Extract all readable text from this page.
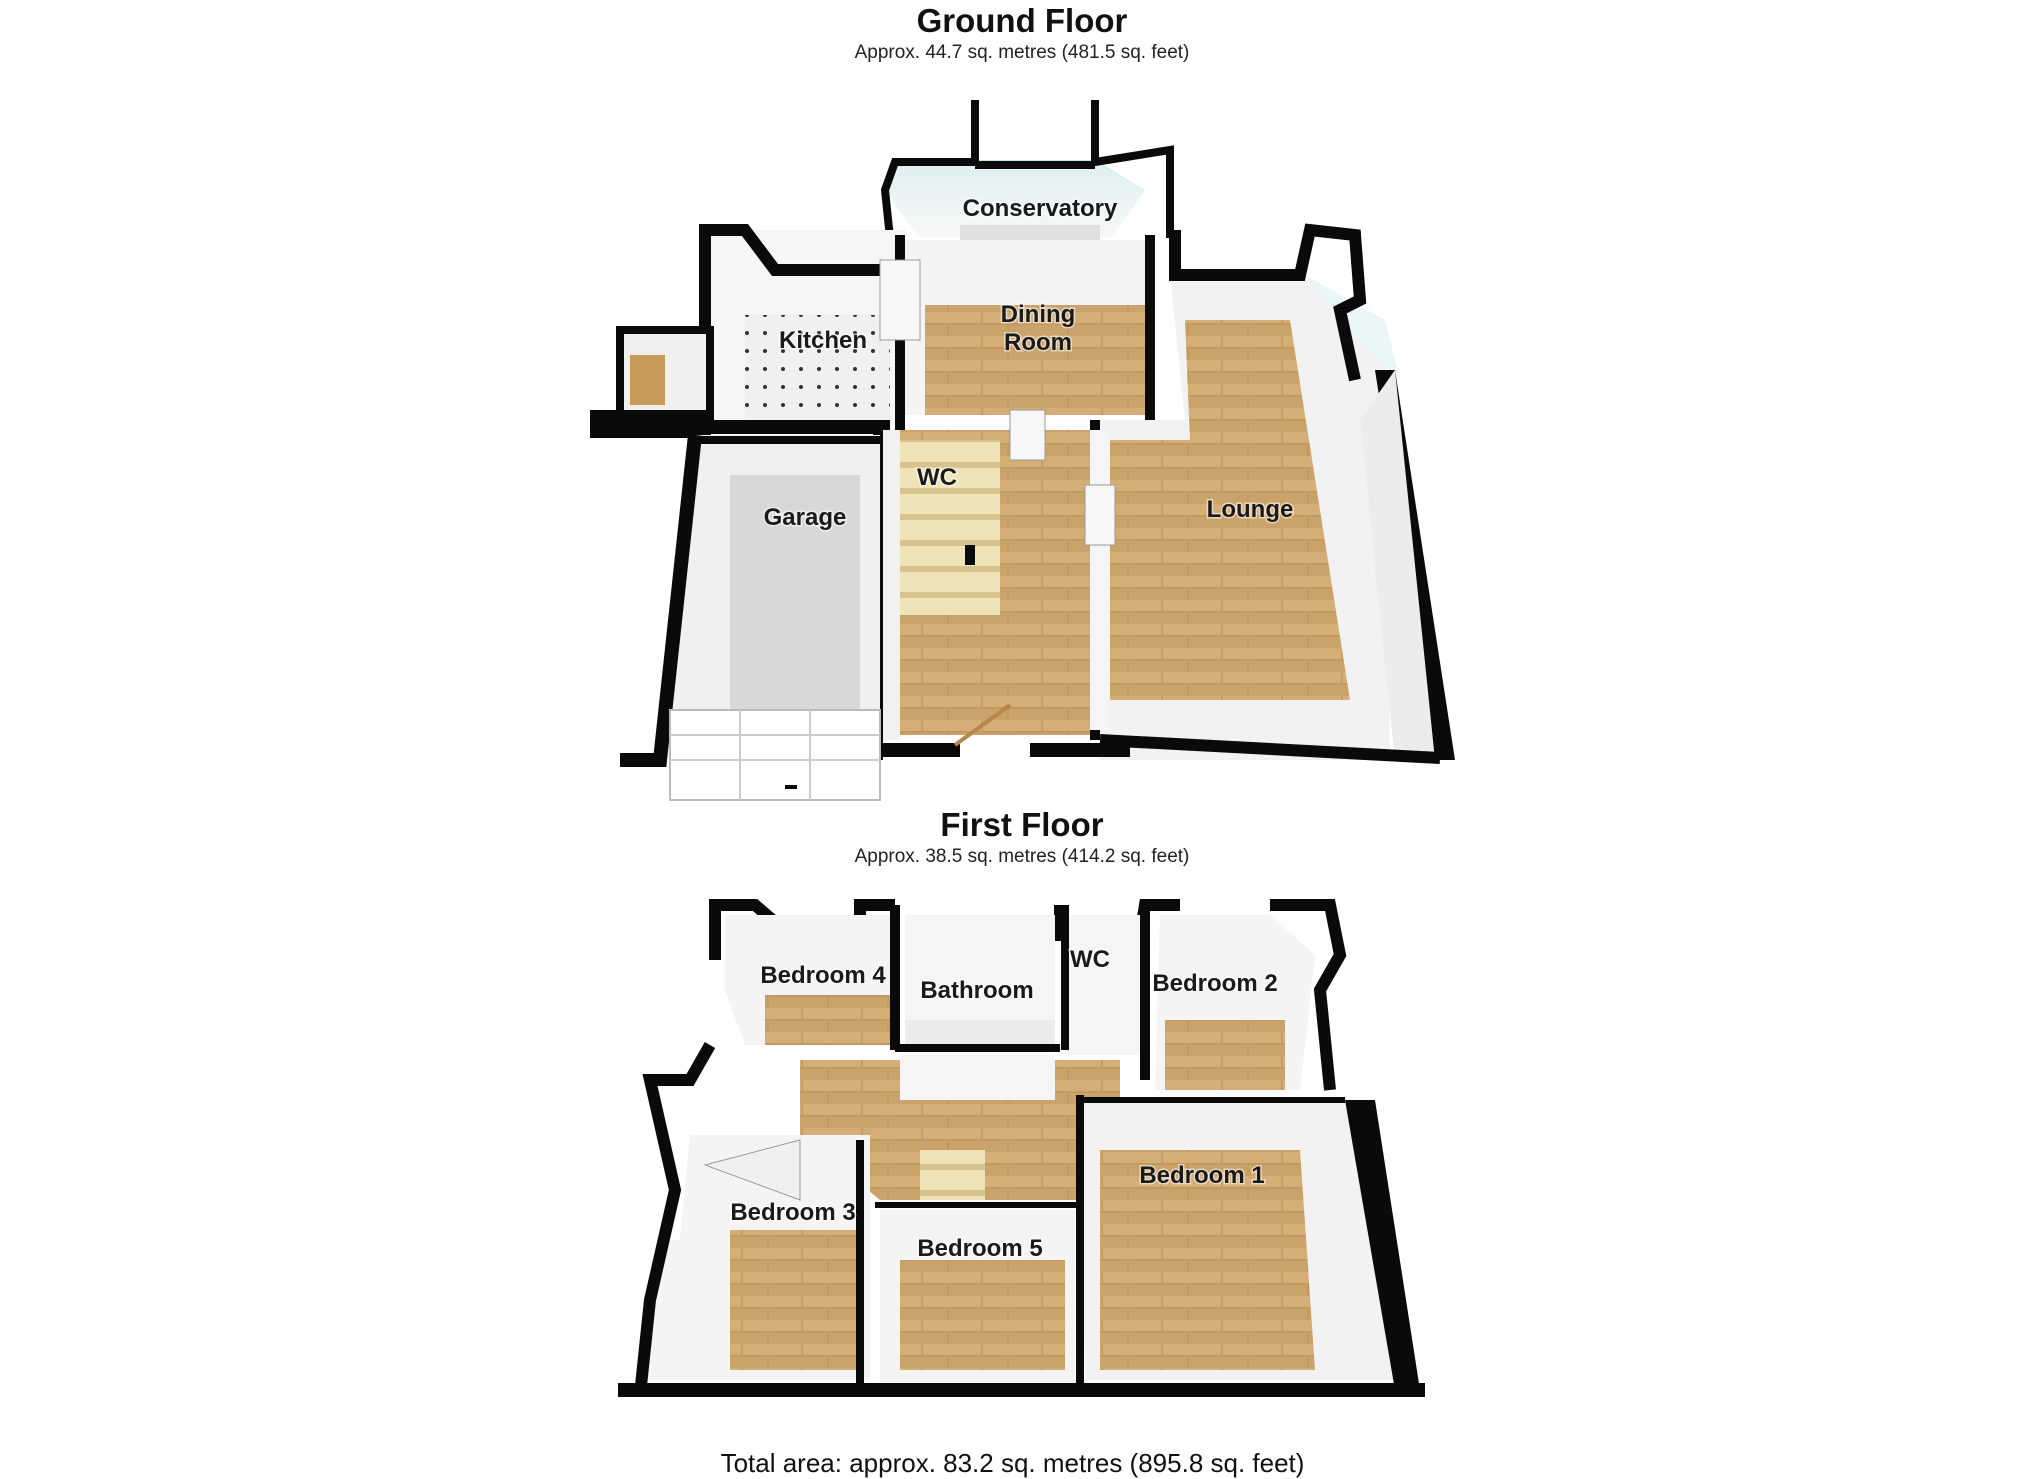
Ground Floor
Approx. 44.7 sq. metres (481.5 sq. feet)
First Floor
Approx. 38.5 sq. metres (414.2 sq. feet)
Conservatory
Dining
Room
Kitchen
WC
Garage	Lounge
Bedroom 4
Bathroom
WC
Bedroom 2
Bedroom 1
Bedroom 3
Bedroom 5
Total area: approx. 83.2 sq. metres (895.8 sq. feet)
